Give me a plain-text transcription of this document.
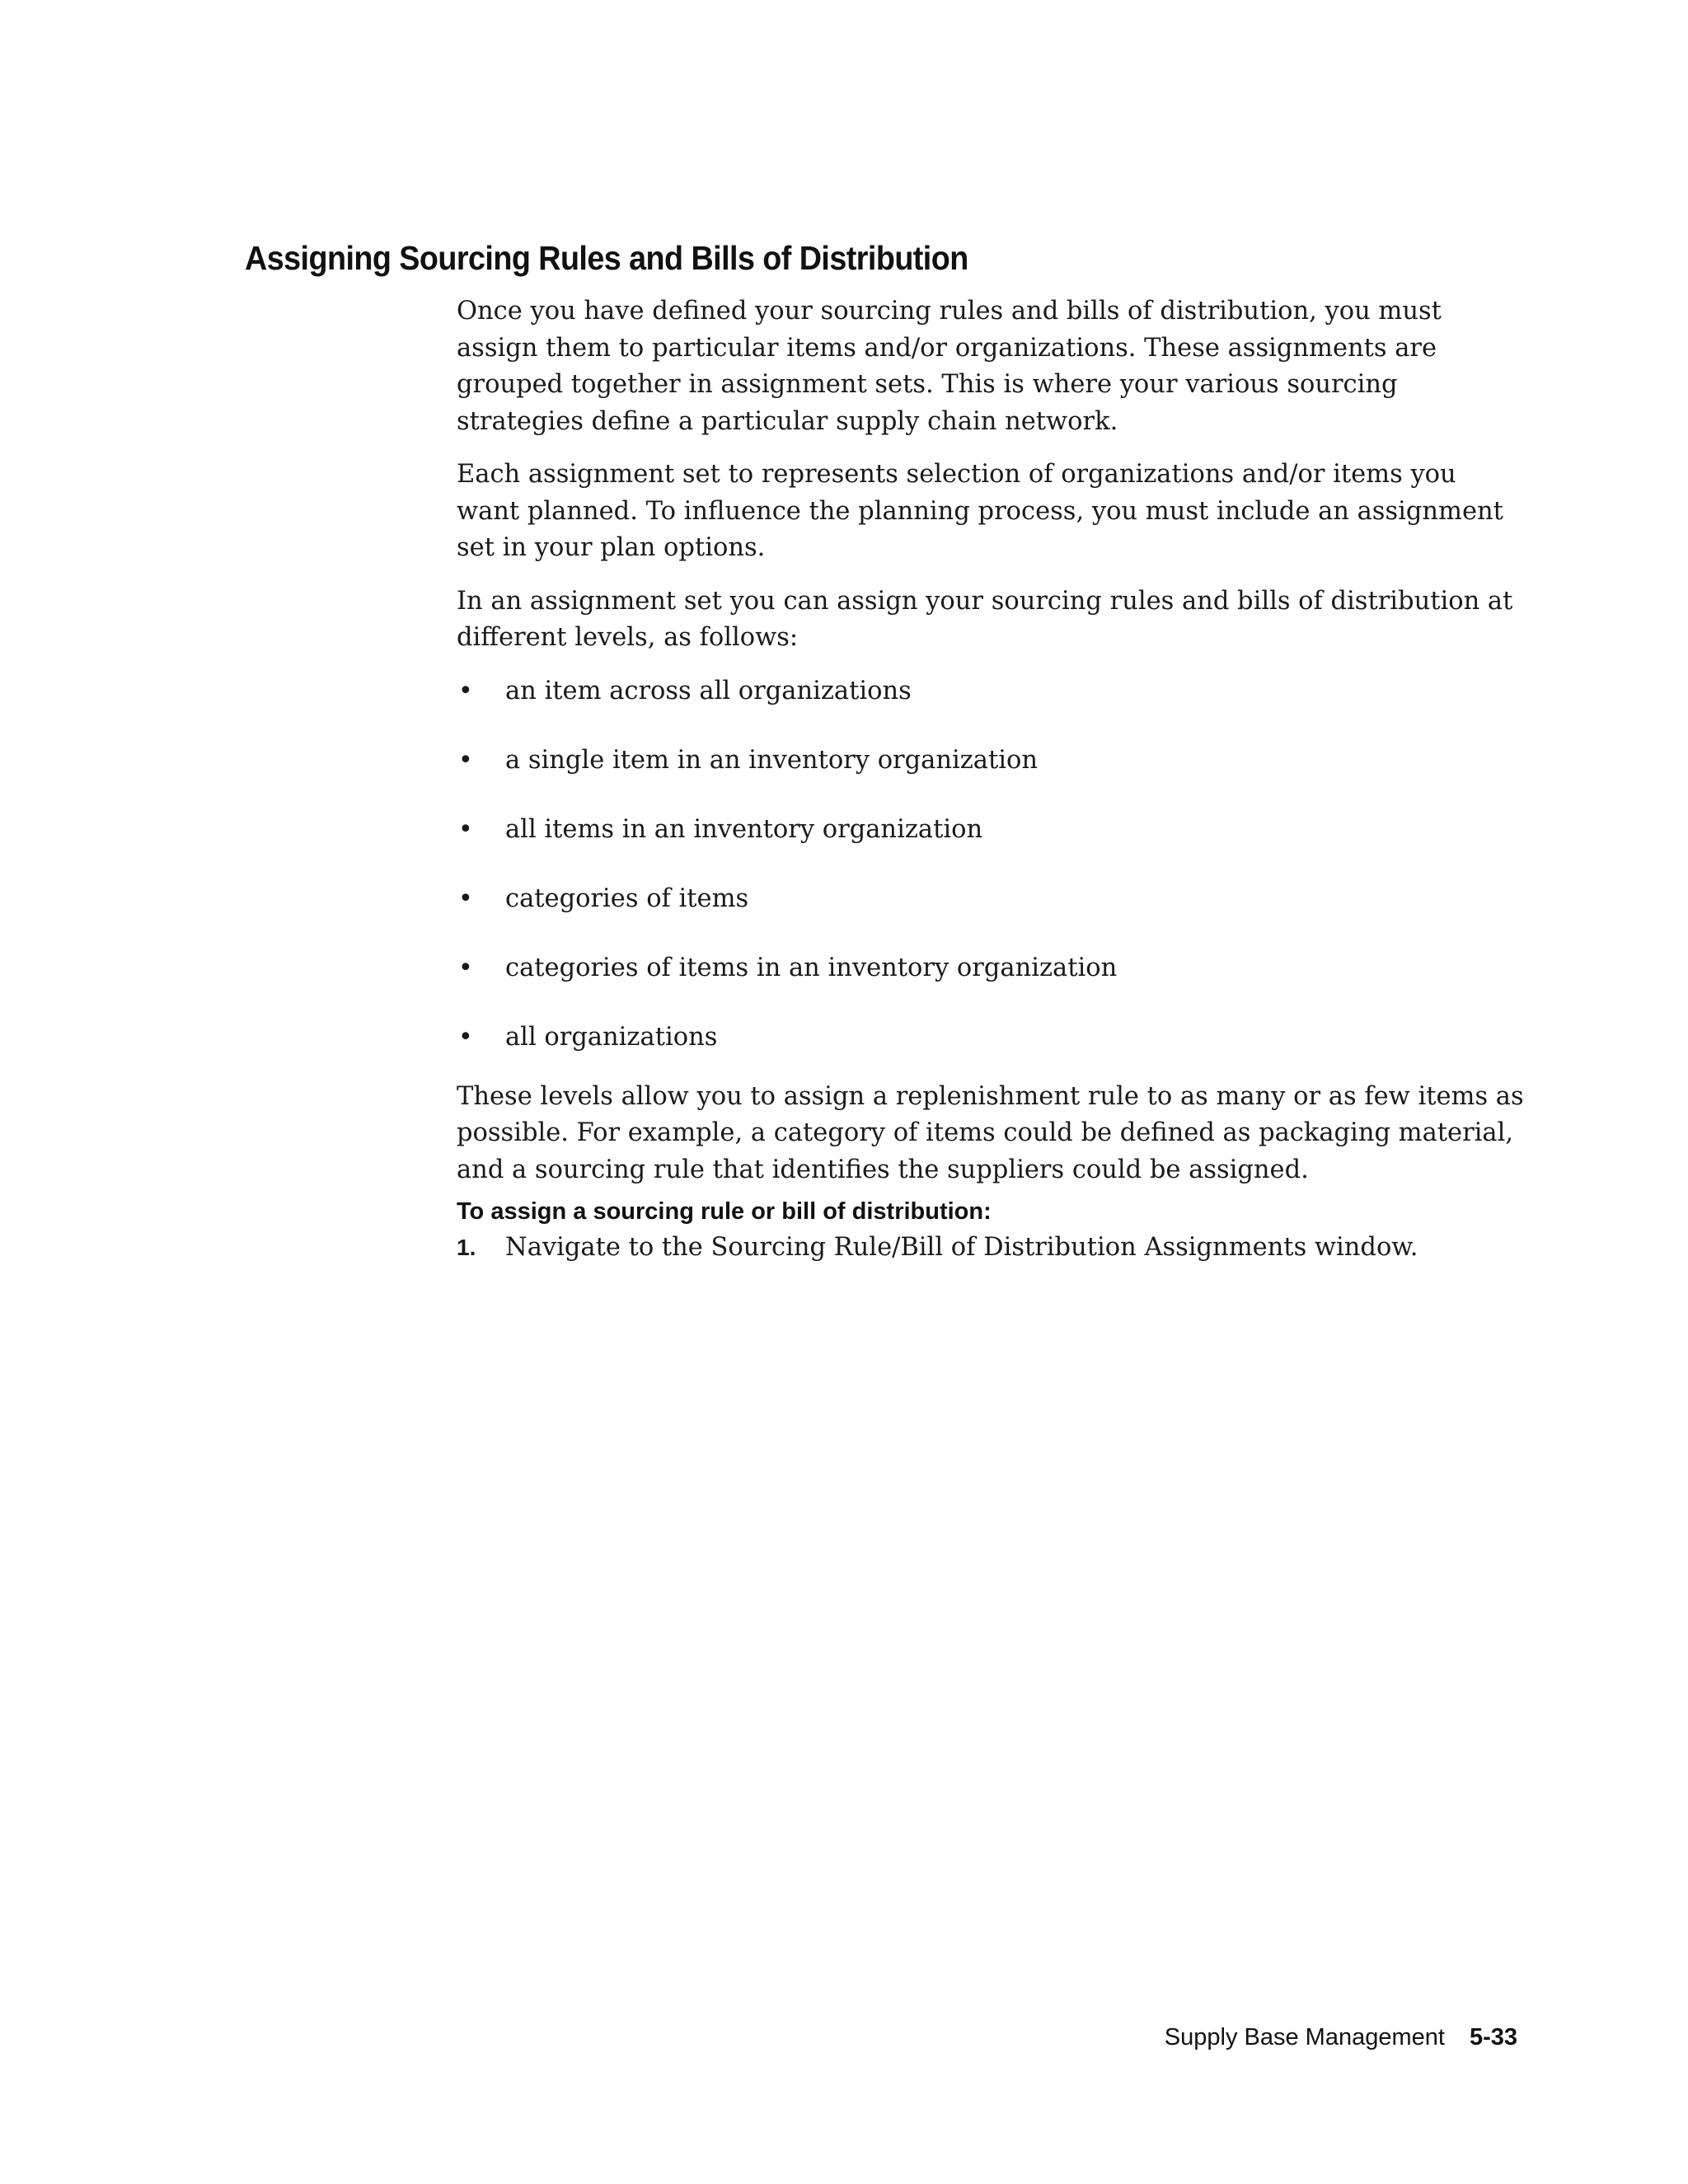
Assigning Sourcing Rules and Bills of Distribution

Once you have defined your sourcing rules and bills of distribution, you must assign them to particular items and/or organizations. These assignments are grouped together in assignment sets. This is where your various sourcing strategies define a particular supply chain network.

Each assignment set to represents selection of organizations and/or items you want planned. To influence the planning process, you must include an assignment set in your plan options.

In an assignment set you can assign your sourcing rules and bills of distribution at different levels, as follows:

• an item across all organizations
• a single item in an inventory organization
• all items in an inventory organization
• categories of items
• categories of items in an inventory organization
• all organizations

These levels allow you to assign a replenishment rule to as many or as few items as possible. For example, a category of items could be defined as packaging material, and a sourcing rule that identifies the suppliers could be assigned.

To assign a sourcing rule or bill of distribution:
1. Navigate to the Sourcing Rule/Bill of Distribution Assignments window.
Supply Base Management 5-33
